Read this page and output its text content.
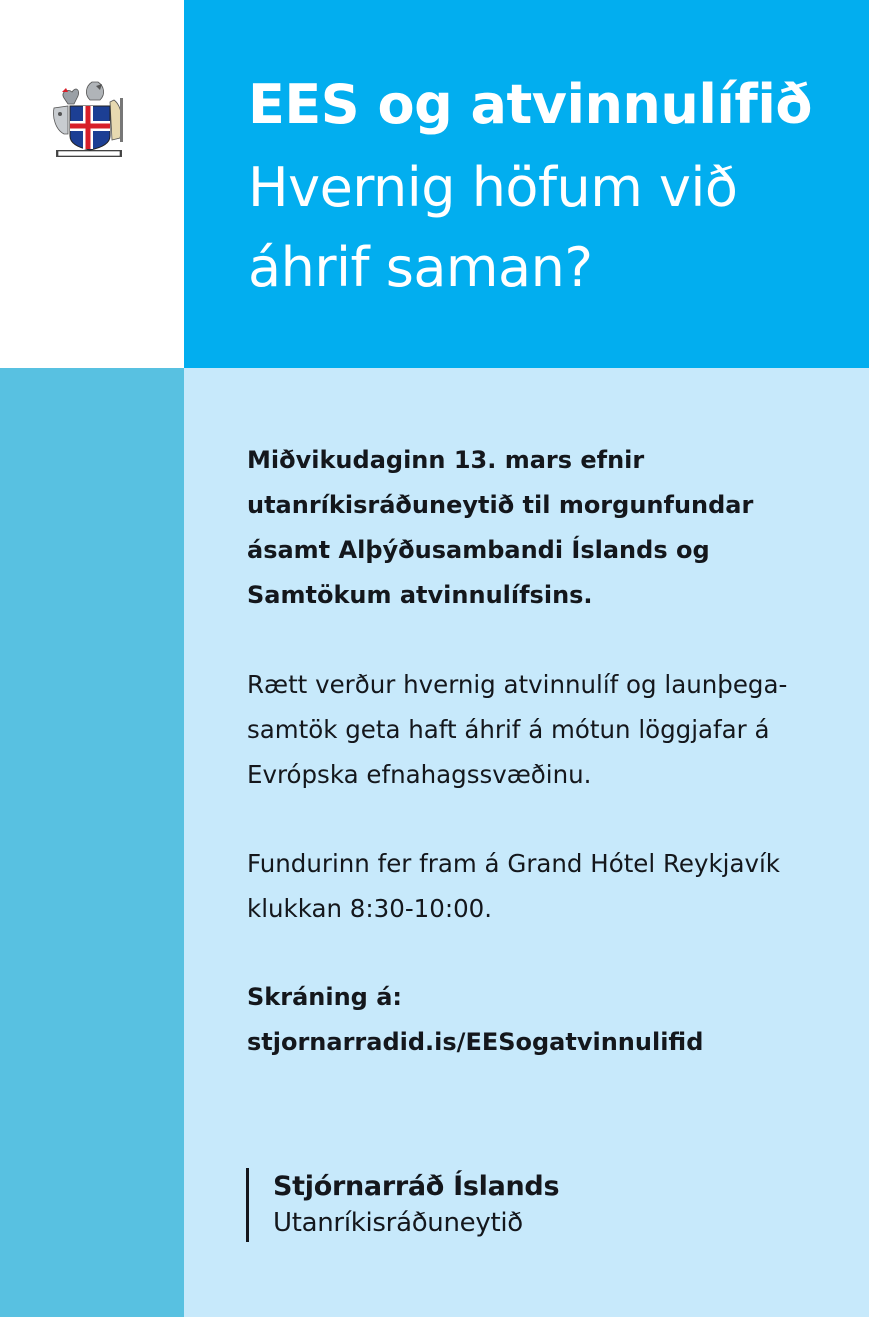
EES og atvinnulífið
Hvernig höfum við áhrif saman?

Miðvikudaginn 13. mars efnir utanríkisráðuneytið til morgunfundar ásamt Alþýðusambandi Íslands og Samtökum atvinnulífsins.

Rætt verður hvernig atvinnulíf og launþega-samtök geta haft áhrif á mótun löggjafar á Evrópska efnahagssvæðinu.

Fundurinn fer fram á Grand Hótel Reykjavík klukkan 8:30-10:00.

Skráning á:
stjornarradid.is/EESogatvinnulifid
Stjórnarráð Íslands
Utanríkisráðuneytið
